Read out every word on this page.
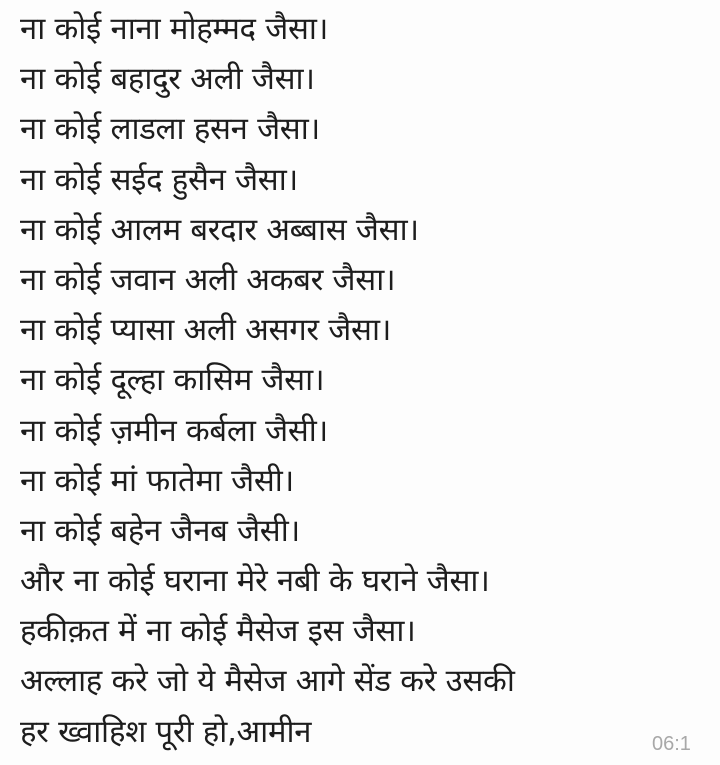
ना कोई नाना मोहम्मद जैसा।
ना कोई बहादुर अली जैसा।
ना कोई लाडला हसन जैसा।
ना कोई सईद हुसैन जैसा।
ना कोई आलम बरदार अब्बास जैसा।
ना कोई जवान अली अकबर जैसा।
ना कोई प्यासा अली असगर जैसा।
ना कोई दूल्हा कासिम जैसा।
ना कोई ज़मीन कर्बला जैसी।
ना कोई मां फातेमा जैसी।
ना कोई बहेन जैनब जैसी।
और ना कोई घराना मेरे नबी के घराने जैसा।
हकीक़त में ना कोई मैसेज इस जैसा।
अल्लाह करे जो ये मैसेज आगे सेंड करे उसकी
हर ख्वाहिश पूरी हो,आमीन	06:1
